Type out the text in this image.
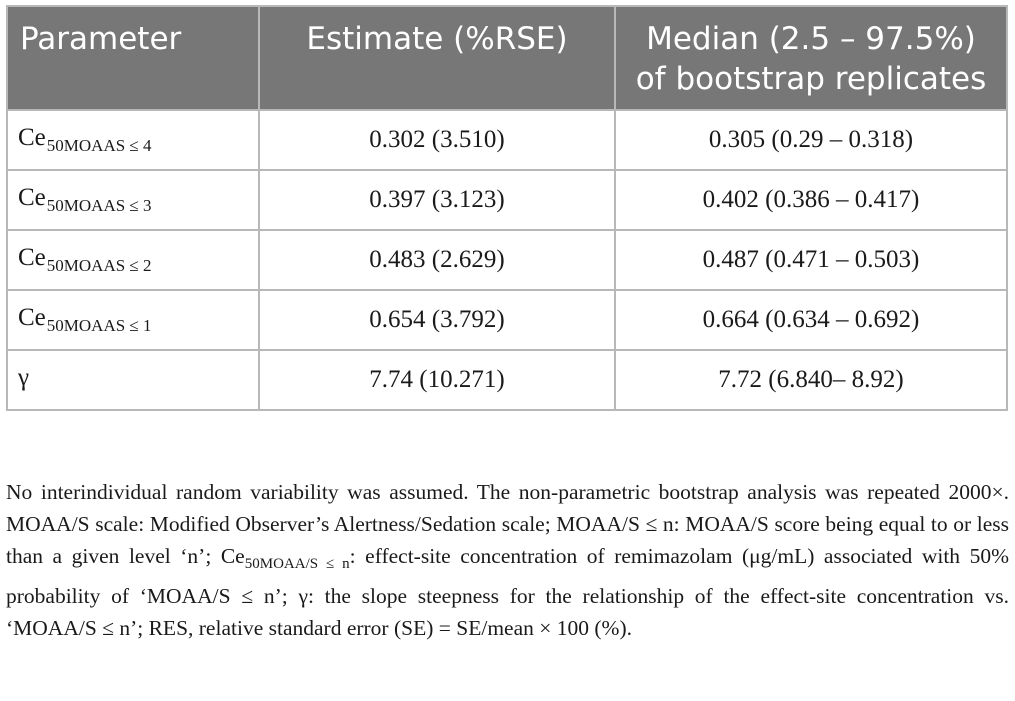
Parameter	Estimate (%RSE)	Median (2.5 – 97.5%) of bootstrap replicates
$Ce_{50MOAAS \le 4}$	0.302 (3.510)	0.305 (0.29 – 0.318)
$Ce_{50MOAAS \le 3}$	0.397 (3.123)	0.402 (0.386 – 0.417)
$Ce_{50MOAAS \le 2}$	0.483 (2.629)	0.487 (0.471 – 0.503)
$Ce_{50MOAAS \le 1}$	0.654 (3.792)	0.664 (0.634 – 0.692)
γ	7.74 (10.271)	7.72 (6.840– 8.92)

No interindividual random variability was assumed. The non-parametric bootstrap analysis was repeated 2000×. MOAA/S scale: Modified Observer’s Alertness/Sedation scale; MOAA/S ≤ n: MOAA/S score being equal to or less than a given level ‘n’; $Ce_{50MOAA/S \le n}$: effect-site concentration of remimazolam (μg/mL) associated with 50% probability of ‘MOAA/S ≤ n’; γ: the slope steepness for the relationship of the effect-site concentration vs. ‘MOAA/S ≤ n’; RES, relative standard error (SE) = SE/mean × 100 (%).
